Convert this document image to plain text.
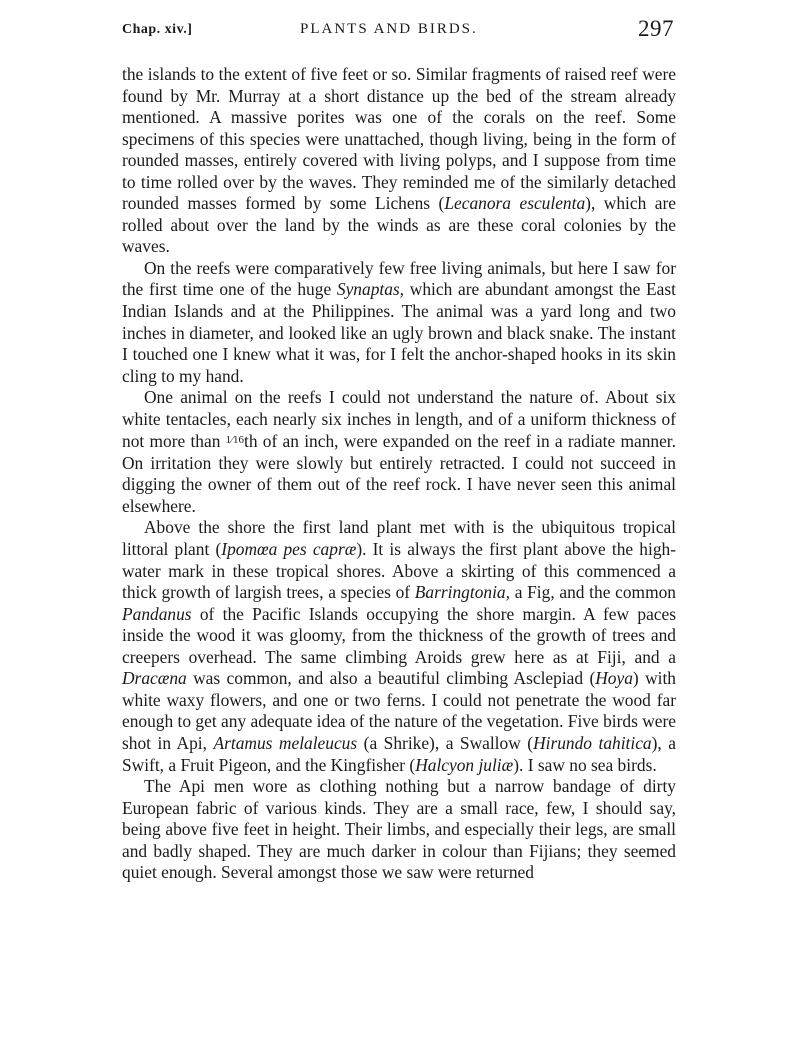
Chap. xiv.]	PLANTS AND BIRDS.	297

the islands to the extent of five feet or so. Similar fragments of raised reef were found by Mr. Murray at a short distance up the bed of the stream already mentioned. A massive porites was one of the corals on the reef. Some specimens of this species were unattached, though living, being in the form of rounded masses, entirely covered with living polyps, and I suppose from time to time rolled over by the waves. They reminded me of the similarly detached rounded masses formed by some Lichens (Lecanora esculenta), which are rolled about over the land by the winds as are these coral colonies by the waves.

On the reefs were comparatively few free living animals, but here I saw for the first time one of the huge Synaptas, which are abundant amongst the East Indian Islands and at the Philippines. The animal was a yard long and two inches in diameter, and looked like an ugly brown and black snake. The instant I touched one I knew what it was, for I felt the anchor-shaped hooks in its skin cling to my hand.

One animal on the reefs I could not understand the nature of. About six white tentacles, each nearly six inches in length, and of a uniform thickness of not more than $^{1⁄16}$th of an inch, were expanded on the reef in a radiate manner. On irritation they were slowly but entirely retracted. I could not succeed in digging the owner of them out of the reef rock. I have never seen this animal elsewhere.

Above the shore the first land plant met with is the ubiquitous tropical littoral plant (Ipomœa pes capræ). It is always the first plant above the high-water mark in these tropical shores. Above a skirting of this commenced a thick growth of largish trees, a species of Barringtonia, a Fig, and the common Pandanus of the Pacific Islands occupying the shore margin. A few paces inside the wood it was gloomy, from the thickness of the growth of trees and creepers overhead. The same climbing Aroids grew here as at Fiji, and a Dracæna was common, and also a beautiful climbing Asclepiad (Hoya) with white waxy flowers, and one or two ferns. I could not penetrate the wood far enough to get any adequate idea of the nature of the vegetation. Five birds were shot in Api, Artamus melaleucus (a Shrike), a Swallow (Hirundo tahitica), a Swift, a Fruit Pigeon, and the Kingfisher (Halcyon juliæ). I saw no sea birds.

The Api men wore as clothing nothing but a narrow bandage of dirty European fabric of various kinds. They are a small race, few, I should say, being above five feet in height. Their limbs, and especially their legs, are small and badly shaped. They are much darker in colour than Fijians; they seemed quiet enough. Several amongst those we saw were returned
